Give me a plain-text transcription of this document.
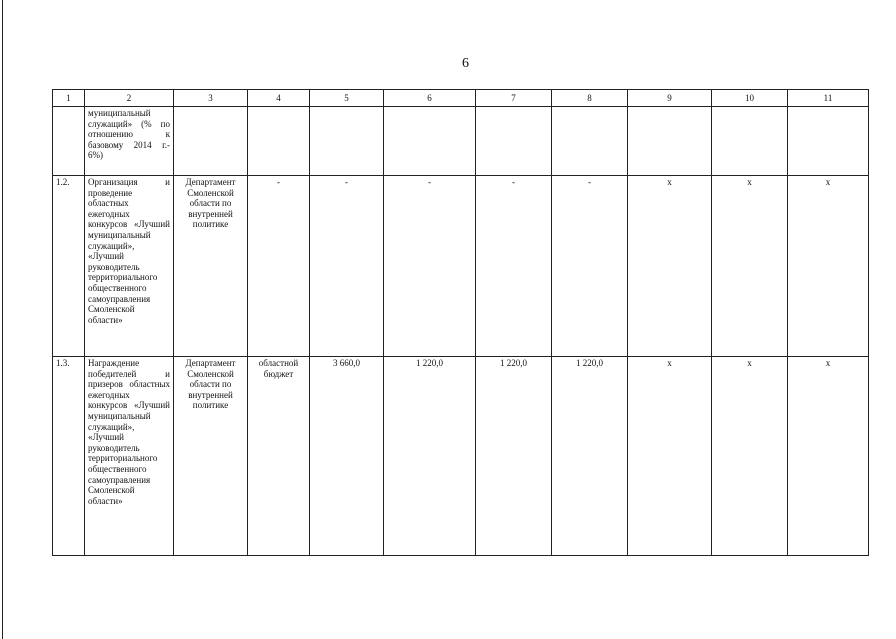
6
1	2	3	4	5	6	7	8	9	10	11
	муниципальный служащий» (% по отношению к базовому 2014 г.- 6%)									
1.2.	Организация и проведение областных ежегодных конкурсов «Лучший муниципальный служащий», «Лучший руководитель территориального общественного самоуправления Смоленской области»	Департамент Смоленской области по внутренней политике	-	-	-	-	-	х	х	х
1.3.	Награждение победителей и призеров областных ежегодных конкурсов «Лучший муниципальный служащий», «Лучший руководитель территориального общественного самоуправления Смоленской области»	Департамент Смоленской области по внутренней политике	областной бюджет	3 660,0	1 220,0	1 220,0	1 220,0	х	х	х
